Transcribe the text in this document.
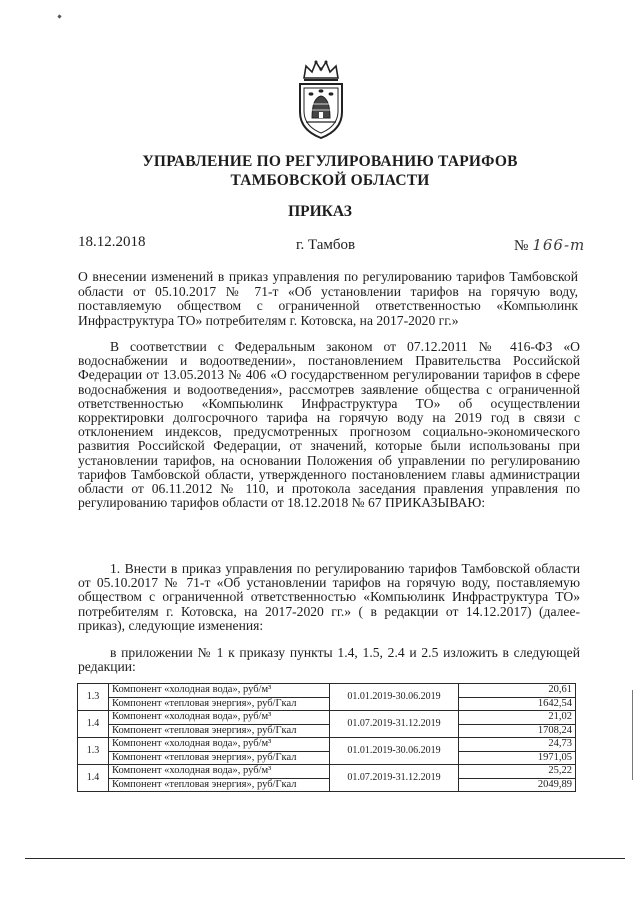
УПРАВЛЕНИЕ ПО РЕГУЛИРОВАНИЮ ТАРИФОВ
ТАМБОВСКОЙ ОБЛАСТИ
ПРИКАЗ
18.12.2018	г. Тамбов	№ 166-т
О внесении изменений в приказ управления по регулированию тарифов Тамбовской области от 05.10.2017 № 71-т «Об установлении тарифов на горячую воду, поставляемую обществом с ограниченной ответственностью «Компьюлинк Инфраструктура ТО» потребителям г. Котовска, на 2017-2020 гг.»
В соответствии с Федеральным законом от 07.12.2011 № 416-ФЗ «О водоснабжении и водоотведении», постановлением Правительства Российской Федерации от 13.05.2013 № 406 «О государственном регулировании тарифов в сфере водоснабжения и водоотведения», рассмотрев заявление общества с ограниченной ответственностью «Компьюлинк Инфраструктура ТО» об осуществлении корректировки долгосрочного тарифа на горячую воду на 2019 год в связи с отклонением индексов, предусмотренных прогнозом социально-экономического развития Российской Федерации, от значений, которые были использованы при установлении тарифов, на основании Положения об управлении по регулированию тарифов Тамбовской области, утвержденного постановлением главы администрации области от 06.11.2012 № 110, и протокола заседания правления управления по регулированию тарифов области от 18.12.2018 № 67 ПРИКАЗЫВАЮ:
1. Внести в приказ управления по регулированию тарифов Тамбовской области от 05.10.2017 № 71-т «Об установлении тарифов на горячую воду, поставляемую обществом с ограниченной ответственностью «Компьюлинк Инфраструктура ТО» потребителям г. Котовска, на 2017-2020 гг.» ( в редакции от 14.12.2017) (далее-приказ), следующие изменения:
в приложении № 1 к приказу пункты 1.4, 1.5, 2.4 и 2.5 изложить в следующей редакции:
1.3	Компонент «холодная вода», руб/м³	01.01.2019-30.06.2019	20,61
	Компонент «тепловая энергия», руб/Гкал		1642,54
1.4	Компонент «холодная вода», руб/м³	01.07.2019-31.12.2019	21,02
	Компонент «тепловая энергия», руб/Гкал		1708,24
1.3	Компонент «холодная вода», руб/м³	01.01.2019-30.06.2019	24,73
	Компонент «тепловая энергия», руб/Гкал		1971,05
1.4	Компонент «холодная вода», руб/м³	01.07.2019-31.12.2019	25,22
	Компонент «тепловая энергия», руб/Гкал		2049,89
